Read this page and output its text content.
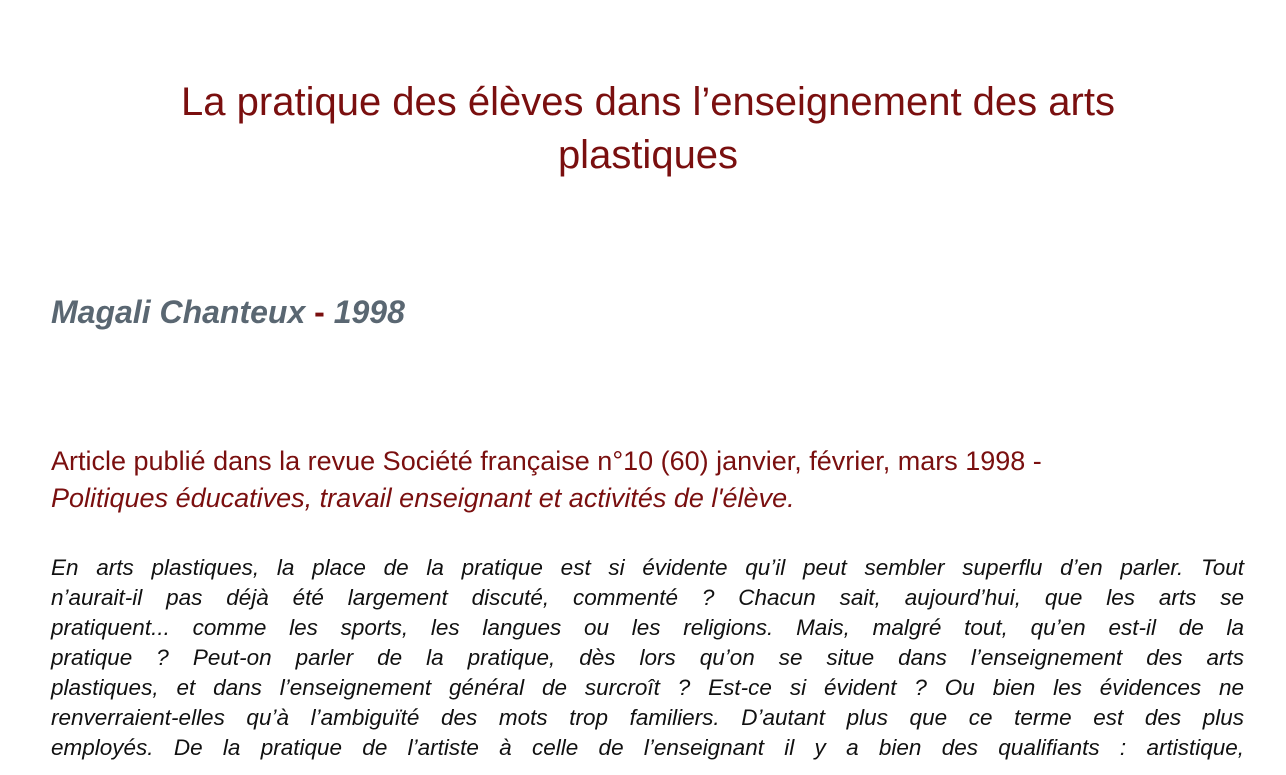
La pratique des élèves dans l’enseignement des arts
plastiques
Magali Chanteux - 1998

Article publié dans la revue Société française n°10 (60) janvier, février, mars 1998 -
Politiques éducatives, travail enseignant et activités de l'élève.

En arts plastiques, la place de la pratique est si évidente qu’il peut sembler superflu d’en parler. Tout
n’aurait-il pas déjà été largement discuté, commenté ? Chacun sait, aujourd’hui, que les arts se
pratiquent... comme les sports, les langues ou les religions. Mais, malgré tout, qu’en est-il de la
pratique ? Peut-on parler de la pratique, dès lors qu’on se situe dans l’enseignement des arts
plastiques, et dans l’enseignement général de surcroît ? Est-ce si évident ? Ou bien les évidences ne
renverraient-elles qu’à l’ambiguïté des mots trop familiers. D’autant plus que ce terme est des plus
employés. De la pratique de l’artiste à celle de l’enseignant il y a bien des qualifiants : artistique,
